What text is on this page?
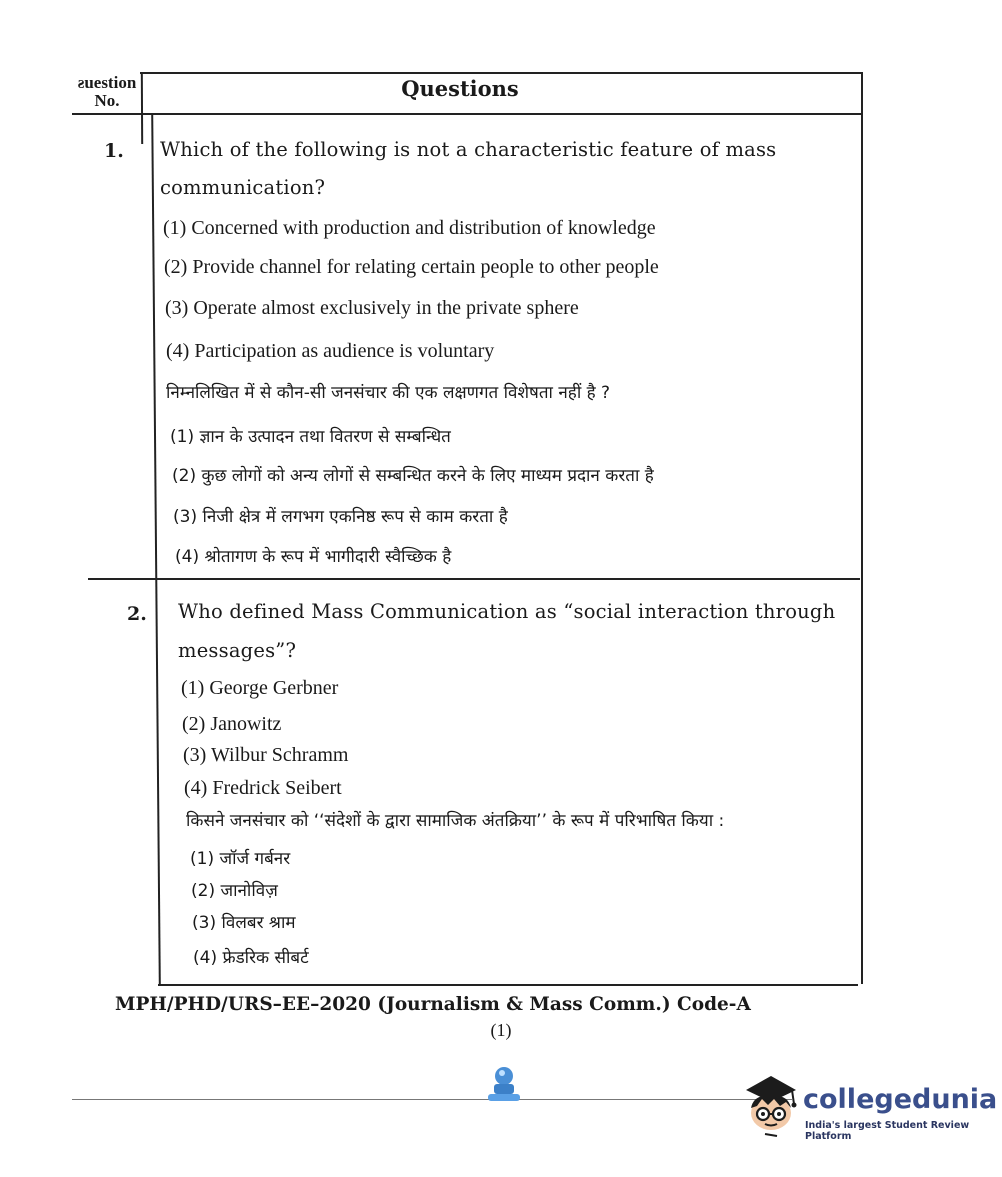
ƨuestion No.	Questions
1. Which of the following is not a characteristic feature of mass
communication?
(1) Concerned with production and distribution of knowledge
(2) Provide channel for relating certain people to other people
(3) Operate almost exclusively in the private sphere
(4) Participation as audience is voluntary
निम्नलिखित में से कौन-सी जनसंचार की एक लक्षणगत विशेषता नहीं है ?
(1) ज्ञान के उत्पादन तथा वितरण से सम्बन्धित
(2) कुछ लोगों को अन्य लोगों से सम्बन्धित करने के लिए माध्यम प्रदान करता है
(3) निजी क्षेत्र में लगभग एकनिष्ठ रूप से काम करता है
(4) श्रोतागण के रूप में भागीदारी स्वैच्छिक है
2. Who defined Mass Communication as “social interaction through
messages”?
(1) George Gerbner
(2) Janowitz
(3) Wilbur Schramm
(4) Fredrick Seibert
किसने जनसंचार को ‘‘संदेशों के द्वारा सामाजिक अंतक्रिया’’ के रूप में परिभाषित किया :
(1) जॉर्ज गर्बनर
(2) जानोविज़
(3) विलबर श्राम
(4) फ्रेडरिक सीबर्ट
MPH/PHD/URS–EE–2020 (Journalism & Mass Comm.) Code-A
(1)
collegedunia
India's largest Student Review Platform
